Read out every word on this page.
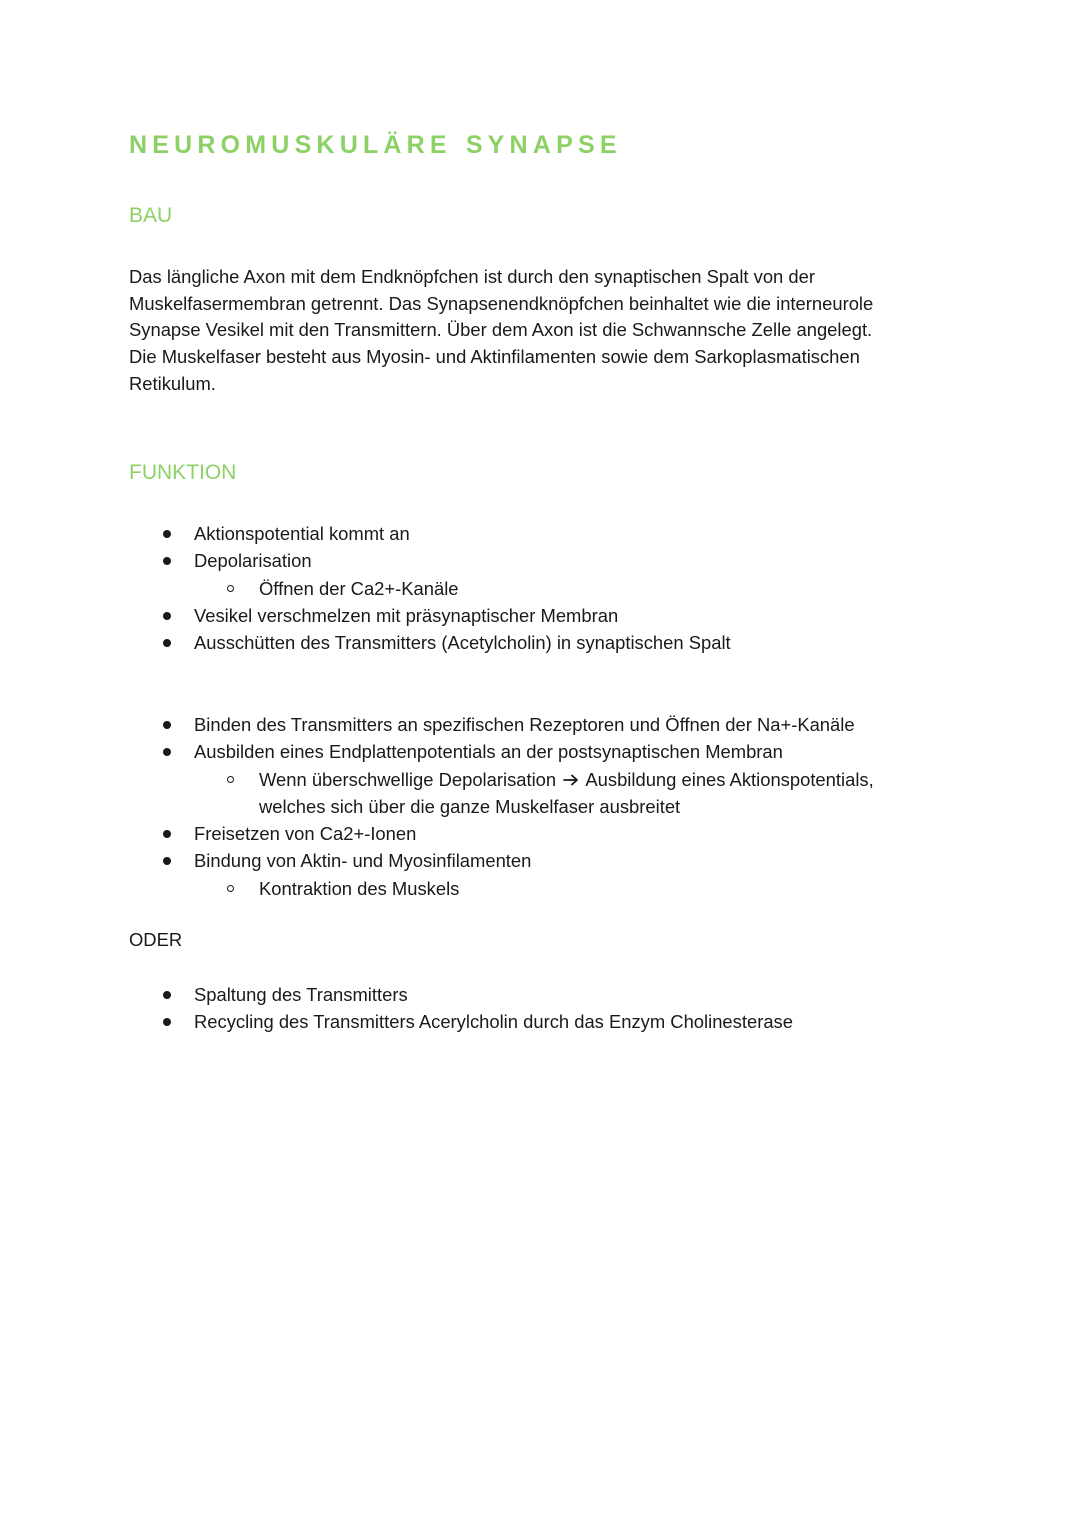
NEUROMUSKULÄRE SYNAPSE
BAU

Das längliche Axon mit dem Endknöpfchen ist durch den synaptischen Spalt von der
Muskelfasermembran getrennt. Das Synapsenendknöpfchen beinhaltet wie die interneurole
Synapse Vesikel mit den Transmittern. Über dem Axon ist die Schwannsche Zelle angelegt.
Die Muskelfaser besteht aus Myosin- und Aktinfilamenten sowie dem Sarkoplasmatischen
Retikulum.

FUNKTION
Aktionspotential kommt an
Depolarisation
Öffnen der Ca2+-Kanäle
Vesikel verschmelzen mit präsynaptischer Membran
Ausschütten des Transmitters (Acetylcholin) in synaptischen Spalt
Binden des Transmitters an spezifischen Rezeptoren und Öffnen der Na+-Kanäle
Ausbilden eines Endplattenpotentials an der postsynaptischen Membran
Wenn überschwellige Depolarisation Ausbildung eines Aktionspotentials,
welches sich über die ganze Muskelfaser ausbreitet
Freisetzen von Ca2+-Ionen
Bindung von Aktin- und Myosinfilamenten
Kontraktion des Muskels

ODER

Spaltung des Transmitters
Recycling des Transmitters Acerylcholin durch das Enzym Cholinesterase
